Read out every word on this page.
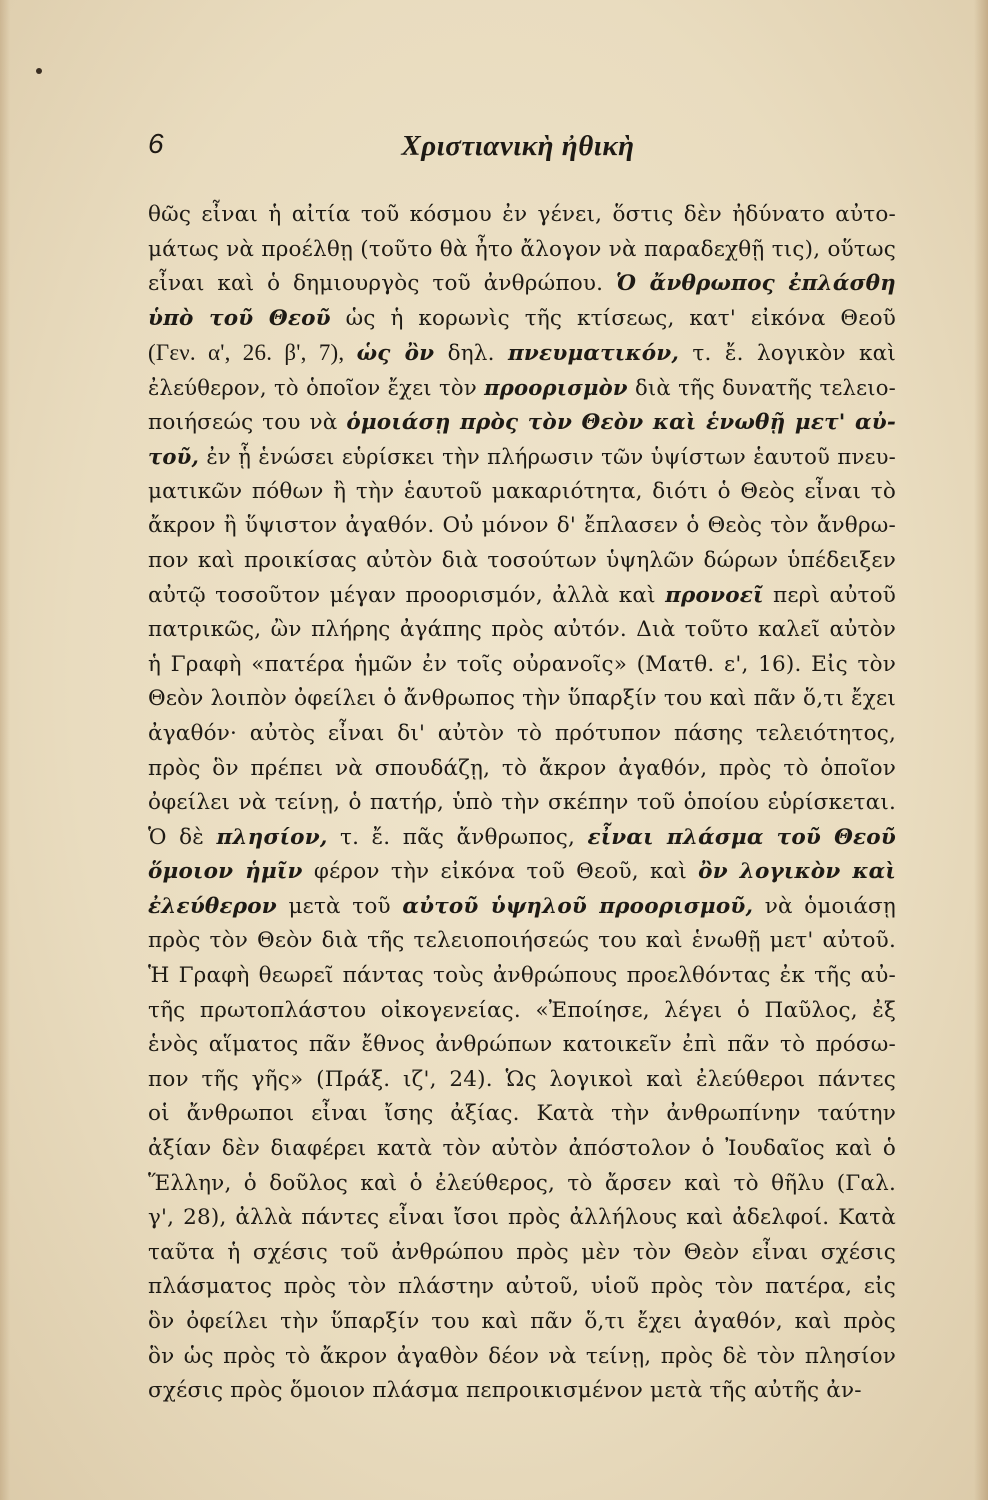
6	Χριστιανικὴ ἠθικὴ
θῶς εἶναι ἡ αἰτία τοῦ κόσμου ἐν γένει, ὅστις δὲν ἠδύνατο αὐτο-
μάτως νὰ προέλθῃ (τοῦτο θὰ ἦτο ἄλογον νὰ παραδεχθῇ τις), οὕτως
εἶναι καὶ ὁ δημιουργὸς τοῦ ἀνθρώπου. Ὁ ἄνθρωπος ἐπλάσθη
ὑπὸ τοῦ Θεοῦ ὡς ἡ κορωνὶς τῆς κτίσεως, κατ' εἰκόνα Θεοῦ
(Γεν. α', 26. β', 7), ὡς ὂν δηλ. πνευματικόν, τ. ἔ. λογικὸν καὶ
ἐλεύθερον, τὸ ὁποῖον ἔχει τὸν προορισμὸν διὰ τῆς δυνατῆς τελειο-
ποιήσεώς του νὰ ὁμοιάσῃ πρὸς τὸν Θεὸν καὶ ἑνωθῇ μετ' αὐ-
τοῦ, ἐν ᾗ ἑνώσει εὑρίσκει τὴν πλήρωσιν τῶν ὑψίστων ἑαυτοῦ πνευ-
ματικῶν πόθων ἢ τὴν ἑαυτοῦ μακαριότητα, διότι ὁ Θεὸς εἶναι τὸ
ἄκρον ἢ ὕψιστον ἀγαθόν. Οὐ μόνον δ' ἔπλασεν ὁ Θεὸς τὸν ἄνθρω-
πον καὶ προικίσας αὐτὸν διὰ τοσούτων ὑψηλῶν δώρων ὑπέδειξεν
αὐτῷ τοσοῦτον μέγαν προορισμόν, ἀλλὰ καὶ προνοεῖ περὶ αὐτοῦ
πατρικῶς, ὢν πλήρης ἀγάπης πρὸς αὐτόν. Διὰ τοῦτο καλεῖ αὐτὸν
ἡ Γραφὴ «πατέρα ἡμῶν ἐν τοῖς οὐρανοῖς» (Ματθ. ε', 16). Εἰς τὸν
Θεὸν λοιπὸν ὀφείλει ὁ ἄνθρωπος τὴν ὕπαρξίν του καὶ πᾶν ὅ,τι ἔχει
ἀγαθόν· αὐτὸς εἶναι δι' αὐτὸν τὸ πρότυπον πάσης τελειότητος,
πρὸς ὃν πρέπει νὰ σπουδάζῃ, τὸ ἄκρον ἀγαθόν, πρὸς τὸ ὁποῖον
ὀφείλει νὰ τείνῃ, ὁ πατήρ, ὑπὸ τὴν σκέπην τοῦ ὁποίου εὑρίσκεται.
Ὁ δὲ πλησίον, τ. ἔ. πᾶς ἄνθρωπος, εἶναι πλάσμα τοῦ Θεοῦ
ὅμοιον ἡμῖν φέρον τὴν εἰκόνα τοῦ Θεοῦ, καὶ ὂν λογικὸν καὶ
ἐλεύθερον μετὰ τοῦ αὐτοῦ ὑψηλοῦ προορισμοῦ, νὰ ὁμοιάσῃ
πρὸς τὸν Θεὸν διὰ τῆς τελειοποιήσεώς του καὶ ἑνωθῇ μετ' αὐτοῦ.
Ἡ Γραφὴ θεωρεῖ πάντας τοὺς ἀνθρώπους προελθόντας ἐκ τῆς αὐ-
τῆς πρωτοπλάστου οἰκογενείας. «Ἐποίησε, λέγει ὁ Παῦλος, ἐξ
ἑνὸς αἵματος πᾶν ἔθνος ἀνθρώπων κατοικεῖν ἐπὶ πᾶν τὸ πρόσω-
πον τῆς γῆς» (Πράξ. ιζ', 24). Ὡς λογικοὶ καὶ ἐλεύθεροι πάντες
οἱ ἄνθρωποι εἶναι ἴσης ἀξίας. Κατὰ τὴν ἀνθρωπίνην ταύτην
ἀξίαν δὲν διαφέρει κατὰ τὸν αὐτὸν ἀπόστολον ὁ Ἰουδαῖος καὶ ὁ
Ἕλλην, ὁ δοῦλος καὶ ὁ ἐλεύθερος, τὸ ἄρσεν καὶ τὸ θῆλυ (Γαλ.
γ', 28), ἀλλὰ πάντες εἶναι ἴσοι πρὸς ἀλλήλους καὶ ἀδελφοί. Κατὰ
ταῦτα ἡ σχέσις τοῦ ἀνθρώπου πρὸς μὲν τὸν Θεὸν εἶναι σχέσις
πλάσματος πρὸς τὸν πλάστην αὐτοῦ, υἱοῦ πρὸς τὸν πατέρα, εἰς
ὃν ὀφείλει τὴν ὕπαρξίν του καὶ πᾶν ὅ,τι ἔχει ἀγαθόν, καὶ πρὸς
ὃν ὡς πρὸς τὸ ἄκρον ἀγαθὸν δέον νὰ τείνῃ, πρὸς δὲ τὸν πλησίον
σχέσις πρὸς ὅμοιον πλάσμα πεπροικισμένον μετὰ τῆς αὐτῆς ἀν-
